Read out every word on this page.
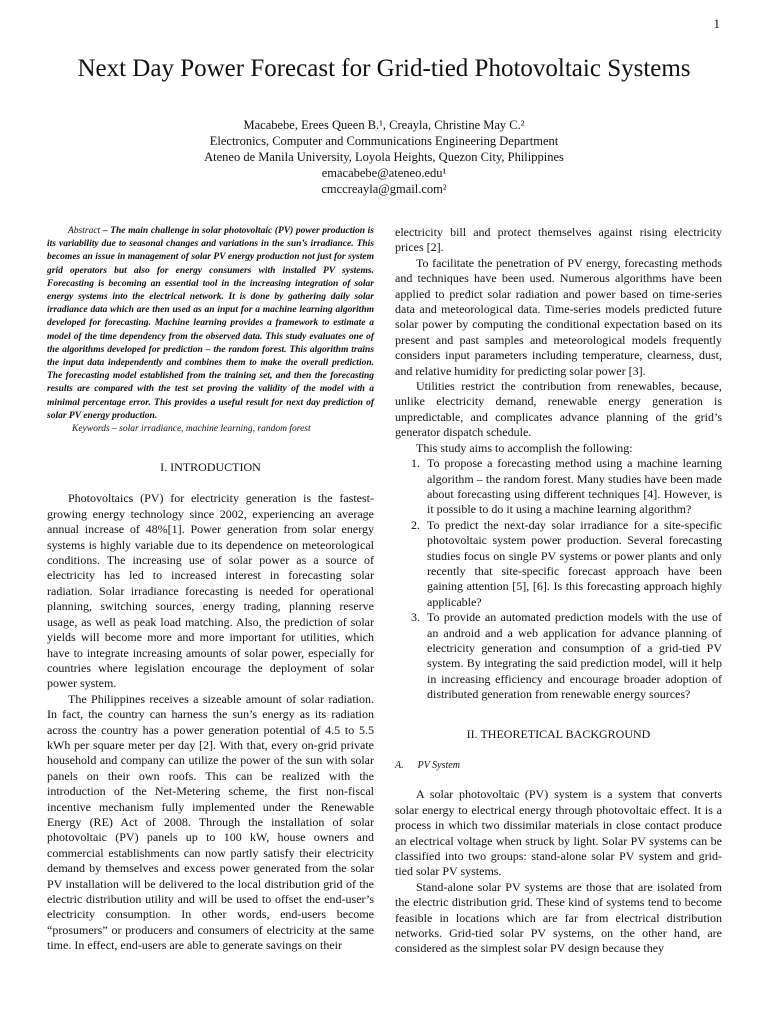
1
Next Day Power Forecast for Grid-tied Photovoltaic Systems
Macabebe, Erees Queen B.¹, Creayla, Christine May C.²
Electronics, Computer and Communications Engineering Department
Ateneo de Manila University, Loyola Heights, Quezon City, Philippines
emacabebe@ateneo.edu¹
cmccreayla@gmail.com²
Abstract – The main challenge in solar photovoltaic (PV) power production is its variability due to seasonal changes and variations in the sun’s irradiance. This becomes an issue in management of solar PV energy production not just for system grid operators but also for energy consumers with installed PV systems. Forecasting is becoming an essential tool in the increasing integration of solar energy systems into the electrical network. It is done by gathering daily solar irradiance data which are then used as an input for a machine learning algorithm developed for forecasting. Machine learning provides a framework to estimate a model of the time dependency from the observed data. This study evaluates one of the algorithms developed for prediction – the random forest. This algorithm trains the input data independently and combines them to make the overall prediction. The forecasting model established from the training set, and then the forecasting results are compared with the test set proving the validity of the model with a minimal percentage error. This provides a useful result for next day prediction of solar PV energy production.
Keywords – solar irradiance, machine learning, random forest
I. INTRODUCTION

Photovoltaics (PV) for electricity generation is the fastest-growing energy technology since 2002, experiencing an average annual increase of 48%[1]. Power generation from solar energy systems is highly variable due to its dependence on meteorological conditions. The increasing use of solar power as a source of electricity has led to increased interest in forecasting solar radiation. Solar irradiance forecasting is needed for operational planning, switching sources, energy trading, planning reserve usage, as well as peak load matching. Also, the prediction of solar yields will become more and more important for utilities, which have to integrate increasing amounts of solar power, especially for countries where legislation encourage the deployment of solar power system.

The Philippines receives a sizeable amount of solar radiation. In fact, the country can harness the sun’s energy as its radiation across the country has a power generation potential of 4.5 to 5.5 kWh per square meter per day [2]. With that, every on-grid private household and company can utilize the power of the sun with solar panels on their own roofs. This can be realized with the introduction of the Net-Metering scheme, the first non-fiscal incentive mechanism fully implemented under the Renewable Energy (RE) Act of 2008. Through the installation of solar photovoltaic (PV) panels up to 100 kW, house owners and commercial establishments can now partly satisfy their electricity demand by themselves and excess power generated from the solar PV installation will be delivered to the local distribution grid of the electric distribution utility and will be used to offset the end-user’s electricity consumption. In other words, end-users become “prosumers” or producers and consumers of electricity at the same time. In effect, end-users are able to generate savings on their

electricity bill and protect themselves against rising electricity prices [2].

To facilitate the penetration of PV energy, forecasting methods and techniques have been used. Numerous algorithms have been applied to predict solar radiation and power based on time-series data and meteorological data. Time-series models predicted future solar power by computing the conditional expectation based on its present and past samples and meteorological models frequently considers input parameters including temperature, clearness, dust, and relative humidity for predicting solar power [3].

Utilities restrict the contribution from renewables, because, unlike electricity demand, renewable energy generation is unpredictable, and complicates advance planning of the grid’s generator dispatch schedule.

This study aims to accomplish the following:

1. To propose a forecasting method using a machine learning algorithm – the random forest. Many studies have been made about forecasting using different techniques [4]. However, is it possible to do it using a machine learning algorithm?
2. To predict the next-day solar irradiance for a site-specific photovoltaic system power production. Several forecasting studies focus on single PV systems or power plants and only recently that site-specific forecast approach have been gaining attention [5], [6]. Is this forecasting approach highly applicable?
3. To provide an automated prediction models with the use of an android and a web application for advance planning of electricity generation and consumption of a grid-tied PV system. By integrating the said prediction model, will it help in increasing efficiency and encourage broader adoption of distributed generation from renewable energy sources?
II. THEORETICAL BACKGROUND
A. PV System

A solar photovoltaic (PV) system is a system that converts solar energy to electrical energy through photovoltaic effect. It is a process in which two dissimilar materials in close contact produce an electrical voltage when struck by light. Solar PV systems can be classified into two groups: stand-alone solar PV system and grid-tied solar PV systems.

Stand-alone solar PV systems are those that are isolated from the electric distribution grid. These kind of systems tend to become feasible in locations which are far from electrical distribution networks. Grid-tied solar PV systems, on the other hand, are considered as the simplest solar PV design because they
